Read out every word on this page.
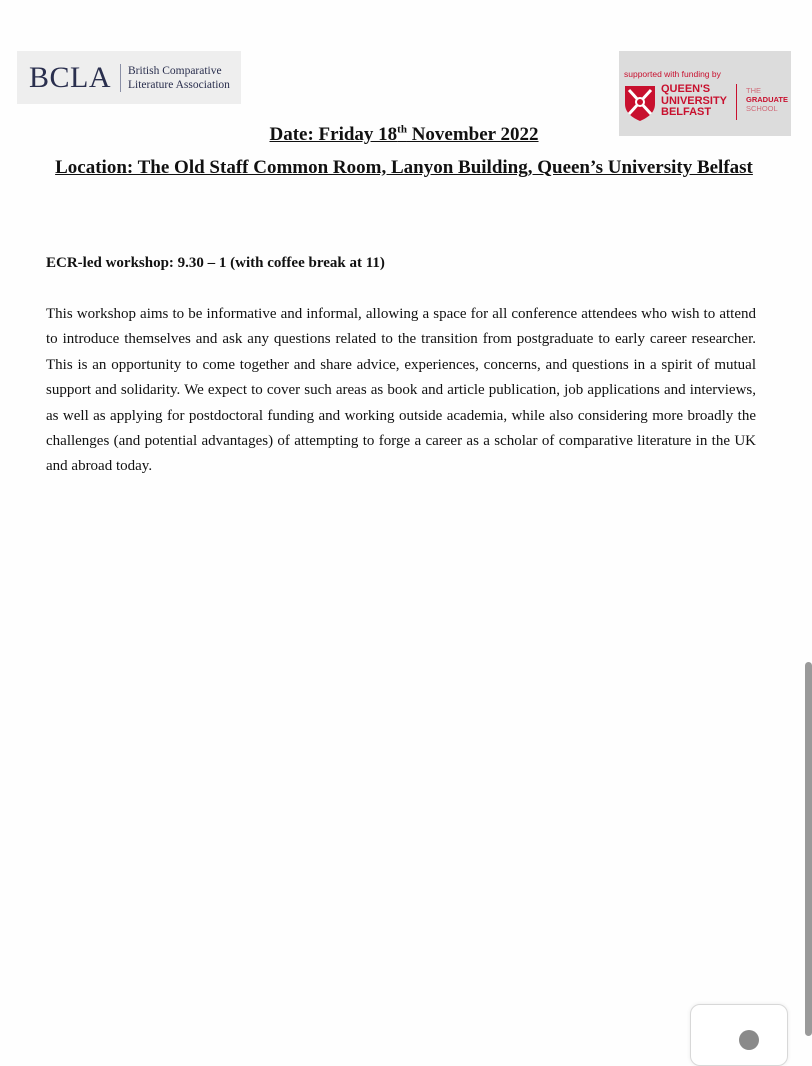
BCLA British Comparative
Literature Association
supported with funding by
QUEEN'S
UNIVERSITY
BELFAST
THE
GRADUATE
SCHOOL
Date: Friday 18th November 2022
Location: The Old Staff Common Room, Lanyon Building, Queen’s University Belfast
ECR-led workshop: 9.30 – 1 (with coffee break at 11)

This workshop aims to be informative and informal, allowing a space for all conference attendees who wish to attend to introduce themselves and ask any questions related to the transition from postgraduate to early career researcher. This is an opportunity to come together and share advice, experiences, concerns, and questions in a spirit of mutual support and solidarity. We expect to cover such areas as book and article publication, job applications and interviews, as well as applying for postdoctoral funding and working outside academia, while also considering more broadly the challenges (and potential advantages) of attempting to forge a career as a scholar of comparative literature in the UK and abroad today.
